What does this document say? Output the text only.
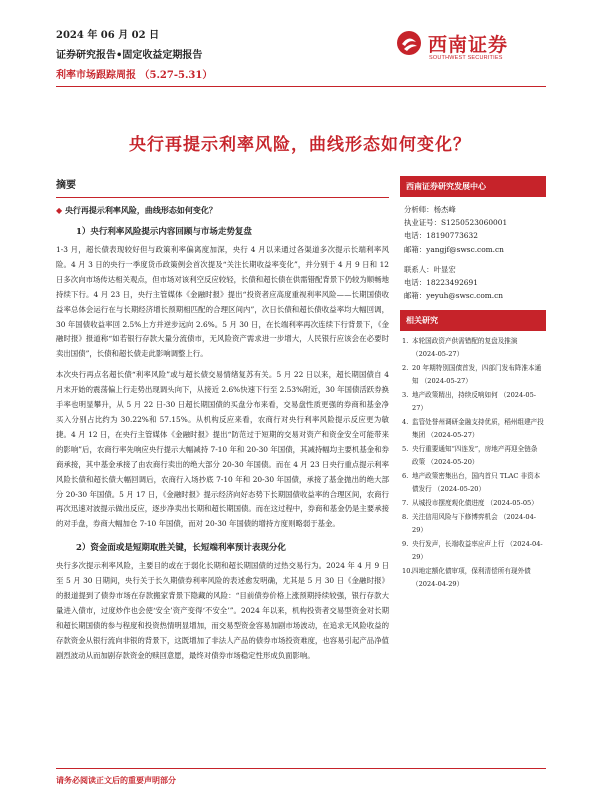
2024 年 06 月 02 日
证券研究报告•固定收益定期报告
利率市场跟踪周报 （5.27-5.31）
西南证券
SOUTHWEST SECURITIES
央行再提示利率风险，曲线形态如何变化？
摘要
◆ 央行再提示利率风险，曲线形态如何变化？
1）央行利率风险提示内容回顾与市场走势复盘

1-3 月，超长债表现较好但与政策利率偏离度加深，央行 4 月以来通过各渠道多次提示长端利率风险。4 月 3 日的央行一季度货币政策例会首次提及“关注长期收益率变化”，并分别于 4 月 9 日和 12 日多次向市场传达相关观点，但市场对该利空反应较轻，长债和超长债在供需错配背景下仍较为顺畅地持续下行。4 月 23 日，央行主管媒体《金融时报》提出“投资者应高度重视利率风险——长期国债收益率总体会运行在与长期经济增长预期相匹配的合理区间内”，次日长债和超长债收益率均大幅回调，30 年国债收益率回 2.5%上方并逆步远向 2.6%。5 月 30 日，在长端利率再次连续下行背景下，《金融时报》报道称“如若银行存款大量分流债市，无风险资产需求进一步增大，人民银行应该会在必要时卖出国债”，长债和超长债走此影响调整上行。

本次央行再点名超长债“利率风险”或与超长债交易情绪复苏有关。5 月 22 日以来，超长期国债自 4 月末开始的震荡偏上行走势出现调头向下，从接近 2.6%快速下行至 2.53%附近，30 年国债活跃券换手率也明显攀升，从 5 月 22 日-30 日超长期国债的买盘分布来看，交易盘性质更强的券商和基金净买入分别占比约为 30.22%和 57.15%。从机构反应来看，农商行对央行利率风险提示反应更为敏捷。4 月 12 日，在央行主管媒体《金融时报》提出“防范过于短期的交易对资产和资金安全可能带来的影响”后，农商行率先响应央行提示大幅减持 7-10 年和 20-30 年国债，其减持幅均主要机基金和券商承接，其中基金承接了由农商行卖出的绝大部分 20-30 年国债。而在 4 月 23 日央行重点提示利率风险长债和超长债大幅回调后，农商行入场抄底 7-10 年和 20-30 年国债，承接了基金抛出的绝大部分 20-30 年国债。5 月 17 日，《金融时报》提示经济向好态势下长期国债收益率的合理区间，农商行再次迅速对波提示做出反应，逐步净卖出长期和超长期国债。而在这过程中，券商和基金仍是主要承接的对手盘，券商大幅加仓 7-10 年国债，而对 20-30 年国债的增持方度则略弱于基金。

2）资金面或是短期取胜关键，长短端利率预计表现分化

央行多次提示利率风险，主要目的或在于弱化长期和超长期国债的过热交易行为。2024 年 4 月 9 日至 5 月 30 日期间，央行关于长久期债券利率风险的表述愈发明确，尤其是 5 月 30 日《金融时报》的报道提到了债券市场在存款搬家背景下隐藏的风险：“目前债券价格上涨预期持续较强，银行存款大量进入债市，过度炒作也会使‘安全’资产变得‘不安全’”。2024 年以来，机构投资者交易型资金对长期和超长期国债的参与程度和投资热情明显增加，而交易型资金容易加剧市场波动，在追求无风险收益的存款资金从银行流向非银的背景下，这既增加了非法人产品的债券市场投资难度，也容易引起产品净值剧烈波动从而加剧存款资金的赎回意愿，最终对债券市场稳定性形成负面影响。

西南证券研究发展中心
分析师：杨杰峰
执业证号：S1250523060001
电话：18190773632
邮箱：yangjf@swsc.com.cn
联系人：叶显宏
电话：18223492691
邮箱：yeyuh@swsc.com.cn
相关研究
1. 本轮国政资产供需错配的复盘及推演 （2024-05-27）
2. 20 年期特别国债首发，四部门发布降准本通知 （2024-05-27）
3. 地产政策精出，持续反响如何 （2024-05-27）
4. 监管处誉州调研金融支持优质，稻州组建产投集团 （2024-05-27）
5. 央行重要通知“四连发”，房地产再迎全链条政策 （2024-05-20）
6. 地产政策密集出台，国内首只 TLAC 非资本债发行 （2024-05-20）
7. 从城投市摆度观化债进度 （2024-05-05）
8. 关注信用风险与下修博弈机会 （2024-04-29）
9. 央行发声，长端收益率应声上行 （2024-04-29）
10. 四地定额化债审项，保利清偿所有现外债 （2024-04-29）
请务必阅读正文后的重要声明部分
